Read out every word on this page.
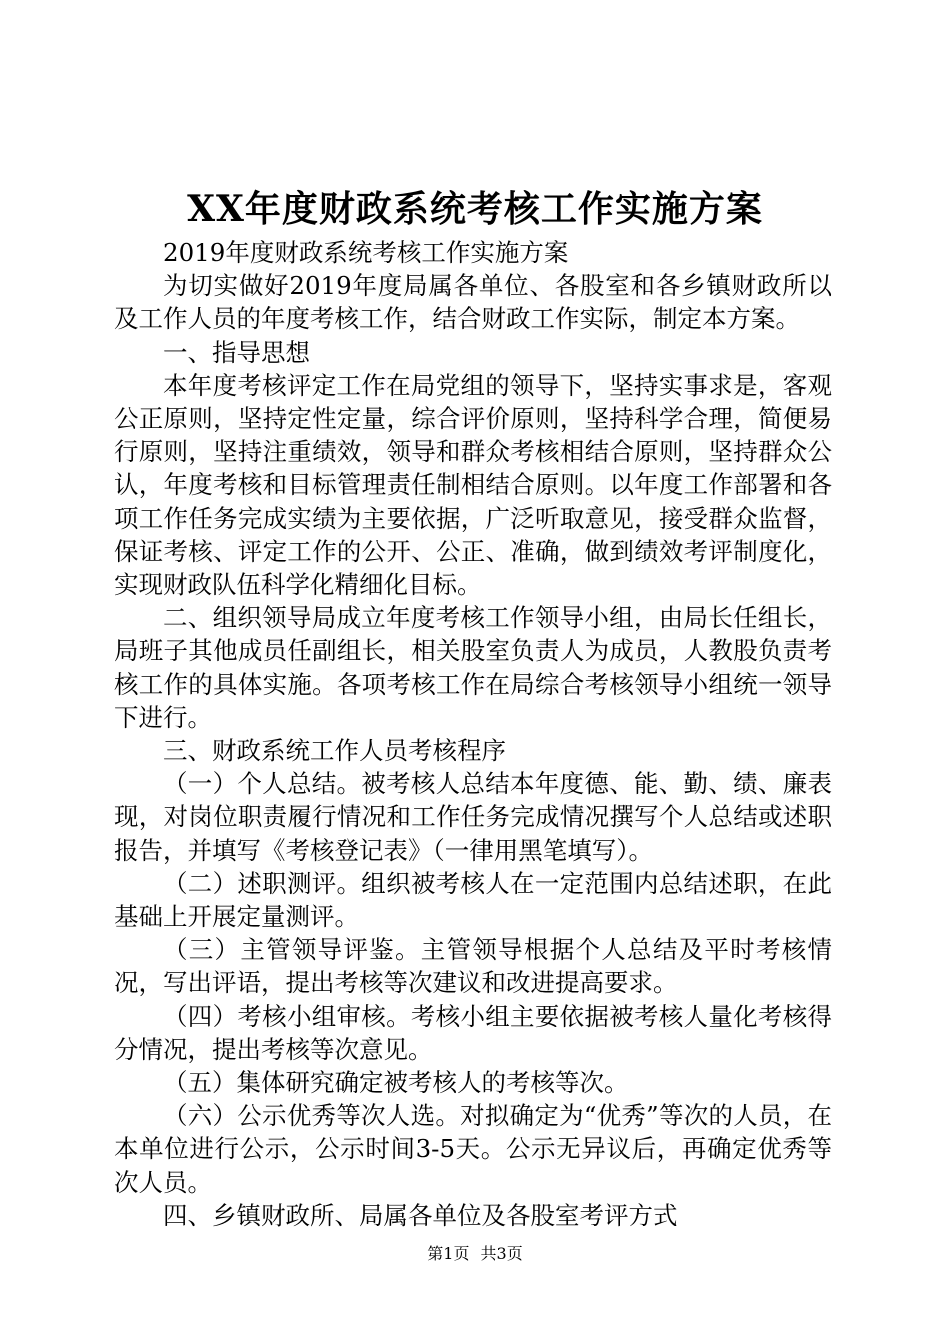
XX年度财政系统考核工作实施方案

2019年度财政系统考核工作实施方案

为切实做好2019年度局属各单位、各股室和各乡镇财政所以及工作人员的年度考核工作，结合财政工作实际，制定本方案。

一、指导思想

本年度考核评定工作在局党组的领导下，坚持实事求是，客观公正原则，坚持定性定量，综合评价原则，坚持科学合理，简便易行原则，坚持注重绩效，领导和群众考核相结合原则，坚持群众公认，年度考核和目标管理责任制相结合原则。以年度工作部署和各项工作任务完成实绩为主要依据，广泛听取意见，接受群众监督，保证考核、评定工作的公开、公正、准确，做到绩效考评制度化，实现财政队伍科学化精细化目标。

二、组织领导局成立年度考核工作领导小组，由局长任组长，局班子其他成员任副组长，相关股室负责人为成员，人教股负责考核工作的具体实施。各项考核工作在局综合考核领导小组统一领导下进行。

三、财政系统工作人员考核程序

（一）个人总结。被考核人总结本年度德、能、勤、绩、廉表现，对岗位职责履行情况和工作任务完成情况撰写个人总结或述职报告，并填写《考核登记表》（一律用黑笔填写）。

（二）述职测评。组织被考核人在一定范围内总结述职，在此基础上开展定量测评。

（三）主管领导评鉴。主管领导根据个人总结及平时考核情况，写出评语，提出考核等次建议和改进提高要求。

（四）考核小组审核。考核小组主要依据被考核人量化考核得分情况，提出考核等次意见。

（五）集体研究确定被考核人的考核等次。

（六）公示优秀等次人选。对拟确定为“优秀”等次的人员，在本单位进行公示，公示时间3-5天。公示无异议后，再确定优秀等次人员。

四、乡镇财政所、局属各单位及各股室考评方式

第1页 共3页
